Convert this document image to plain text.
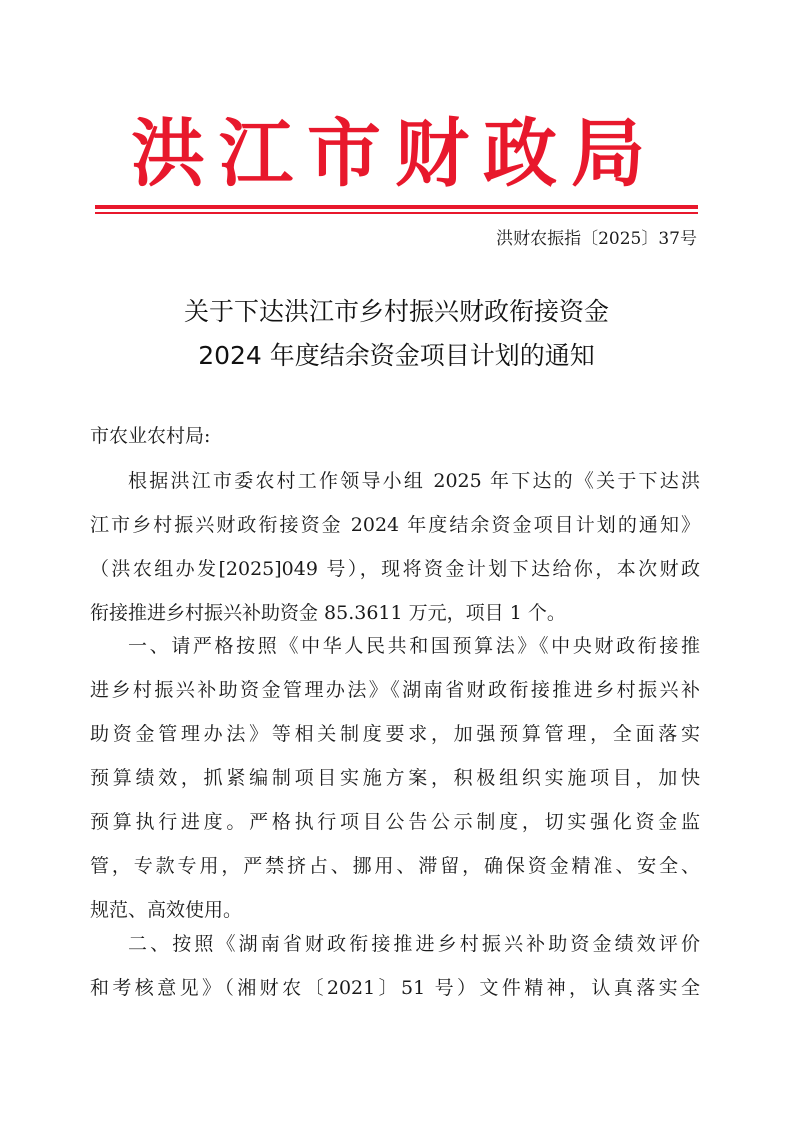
洪江市财政局
洪财农振指〔2025〕37号
关于下达洪江市乡村振兴财政衔接资金
2024 年度结余资金项目计划的通知
市农业农村局:
根据洪江市委农村工作领导小组 2025 年下达的《关于下达洪
江市乡村振兴财政衔接资金 2024 年度结余资金项目计划的通知》
（洪农组办发[2025]049 号），现将资金计划下达给你，本次财政
衔接推进乡村振兴补助资金 85.3611 万元，项目 1 个。
一、请严格按照《中华人民共和国预算法》《中央财政衔接推
进乡村振兴补助资金管理办法》《湖南省财政衔接推进乡村振兴补
助资金管理办法》等相关制度要求，加强预算管理，全面落实
预算绩效，抓紧编制项目实施方案，积极组织实施项目，加快
预算执行进度。严格执行项目公告公示制度，切实强化资金监
管，专款专用，严禁挤占、挪用、滞留，确保资金精准、安全、
规范、高效使用。
二、按照《湖南省财政衔接推进乡村振兴补助资金绩效评价
和考核意见》（湘财农〔2021〕51 号）文件精神，认真落实全
